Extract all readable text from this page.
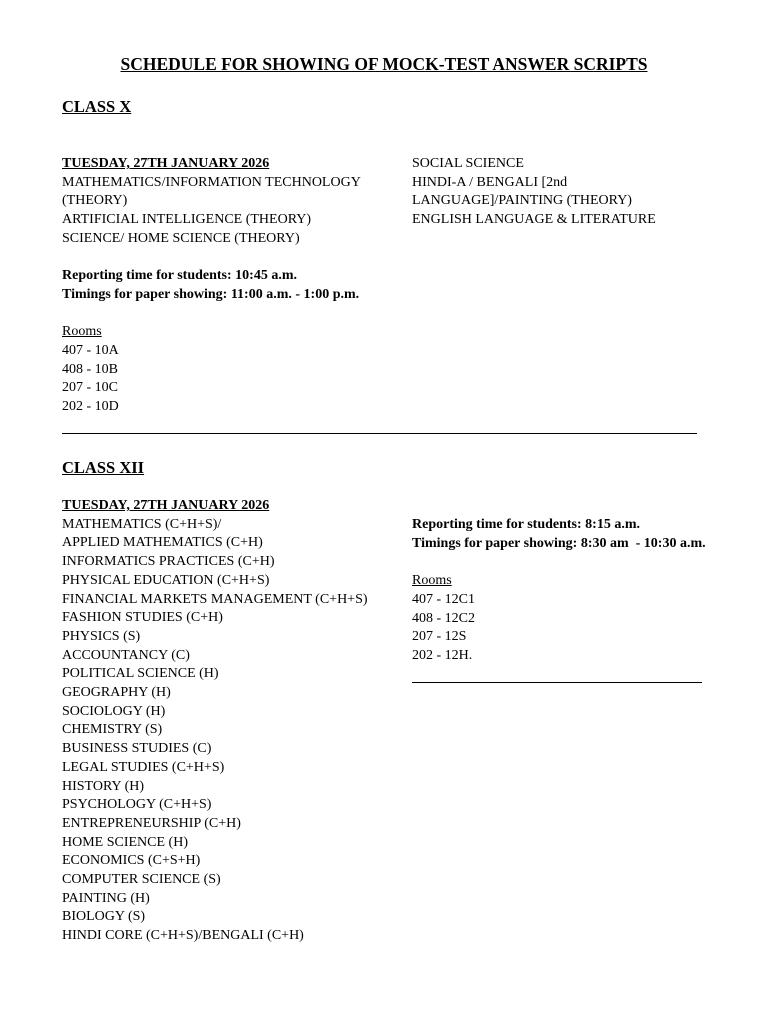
SCHEDULE FOR SHOWING OF MOCK-TEST ANSWER SCRIPTS
CLASS X
TUESDAY, 27TH JANUARY 2026
MATHEMATICS/INFORMATION TECHNOLOGY
(THEORY)
ARTIFICIAL INTELLIGENCE (THEORY)
SCIENCE/ HOME SCIENCE (THEORY)
Reporting time for students: 10:45 a.m.
Timings for paper showing: 11:00 a.m. - 1:00 p.m.
Rooms
407 - 10A
408 - 10B
207 - 10C
202 - 10D
SOCIAL SCIENCE
HINDI-A / BENGALI [2nd
LANGUAGE]/PAINTING (THEORY)
ENGLISH LANGUAGE & LITERATURE
CLASS XII
TUESDAY, 27TH JANUARY 2026
MATHEMATICS (C+H+S)/
APPLIED MATHEMATICS (C+H)
INFORMATICS PRACTICES (C+H)
PHYSICAL EDUCATION (C+H+S)
FINANCIAL MARKETS MANAGEMENT (C+H+S)
FASHION STUDIES (C+H)
PHYSICS (S)
ACCOUNTANCY (C)
POLITICAL SCIENCE (H)
GEOGRAPHY (H)
SOCIOLOGY (H)
CHEMISTRY (S)
BUSINESS STUDIES (C)
LEGAL STUDIES (C+H+S)
HISTORY (H)
PSYCHOLOGY (C+H+S)
ENTREPRENEURSHIP (C+H)
HOME SCIENCE (H)
ECONOMICS (C+S+H)
COMPUTER SCIENCE (S)
PAINTING (H)
BIOLOGY (S)
HINDI CORE (C+H+S)/BENGALI (C+H)
Reporting time for students: 8:15 a.m.
Timings for paper showing: 8:30 am  - 10:30 a.m.
Rooms
407 - 12C1
408 - 12C2
207 - 12S
202 - 12H.
